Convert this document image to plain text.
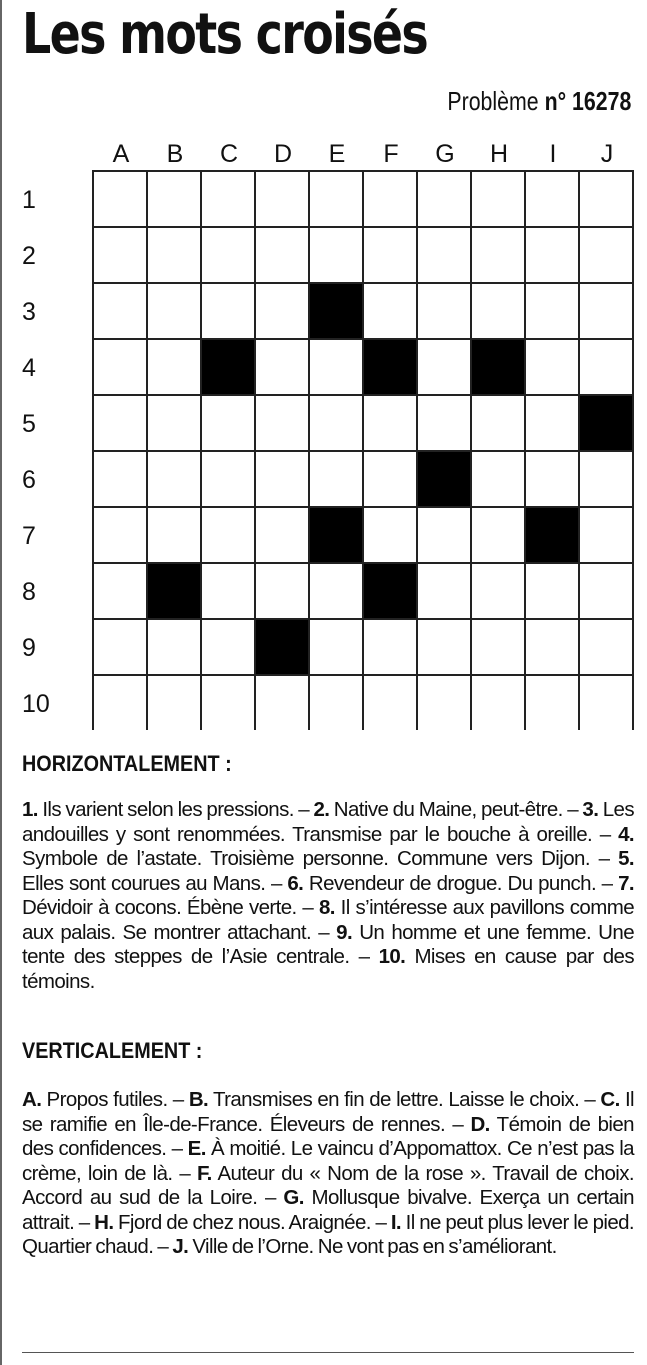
Les mots croisés
Problème n° 16278
A	B	C	D	E	F	G	H	I	J
1
2
3
4
5
6
7
8
9
10
HORIZONTALEMENT :
1. Ils varient selon les pressions. – 2. Native du Maine, peut-être. – 3. Les andouilles y sont renommées. Transmise par le bouche à oreille. – 4. Symbole de l’astate. Troisième personne. Commune vers Dijon. – 5. Elles sont courues au Mans. – 6. Revendeur de drogue. Du punch. – 7. Dévidoir à cocons. Ébène verte. – 8. Il s’intéresse aux pavillons comme aux palais. Se montrer attachant. – 9. Un homme et une femme. Une tente des steppes de l’Asie centrale. – 10. Mises en cause par des témoins.
VERTICALEMENT :
A. Propos futiles. – B. Transmises en fin de lettre. Laisse le choix. – C. Il se ramifie en Île-de-France. Éleveurs de rennes. – D. Témoin de bien des confidences. – E. À moitié. Le vaincu d’Appomattox. Ce n’est pas la crème, loin de là. – F. Auteur du « Nom de la rose ». Travail de choix. Accord au sud de la Loire. – G. Mollusque bivalve. Exerça un certain attrait. – H. Fjord de chez nous. Araignée. – I. Il ne peut plus lever le pied. Quartier chaud. – J. Ville de l’Orne. Ne vont pas en s’améliorant.
